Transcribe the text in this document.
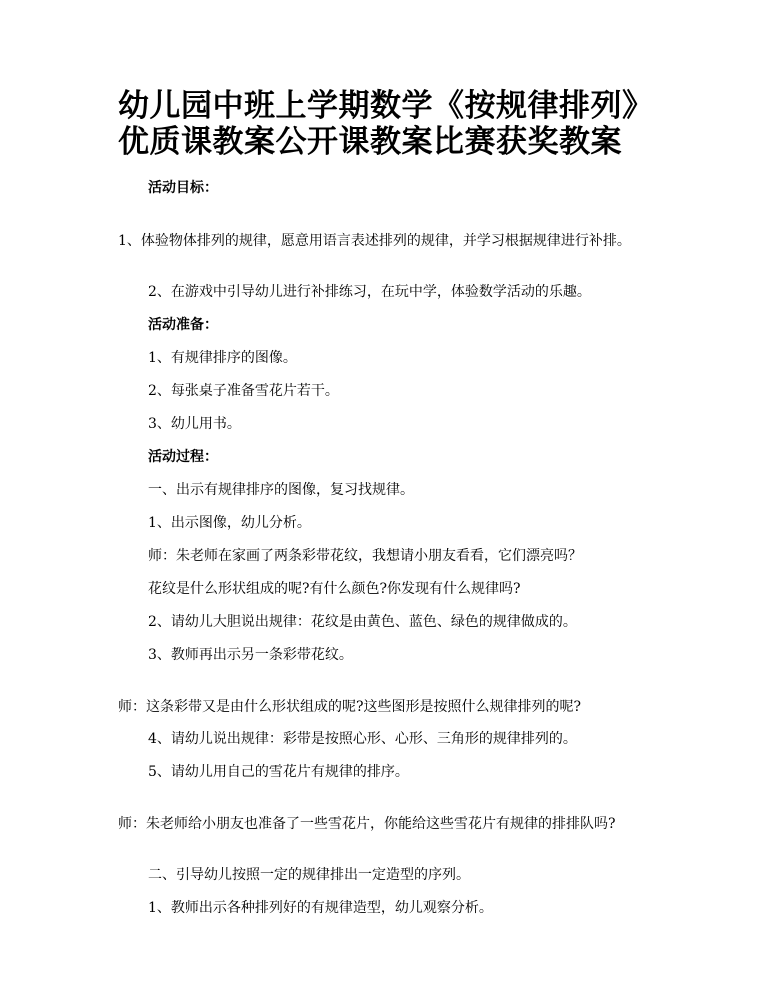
幼儿园中班上学期数学《按规律排列》
优质课教案公开课教案比赛获奖教案

活动目标：

1、体验物体排列的规律，愿意用语言表述排列的规律，并学习根据规律进行补排。

2、在游戏中引导幼儿进行补排练习，在玩中学，体验数学活动的乐趣。

活动准备：

1、有规律排序的图像。

2、每张桌子准备雪花片若干。

3、幼儿用书。

活动过程：

一、出示有规律排序的图像，复习找规律。

1、出示图像，幼儿分析。

师：朱老师在家画了两条彩带花纹，我想请小朋友看看，它们漂亮吗？

花纹是什么形状组成的呢?有什么颜色?你发现有什么规律吗?

2、请幼儿大胆说出规律：花纹是由黄色、蓝色、绿色的规律做成的。

3、教师再出示另一条彩带花纹。

师：这条彩带又是由什么形状组成的呢?这些图形是按照什么规律排列的呢?

4、请幼儿说出规律：彩带是按照心形、心形、三角形的规律排列的。

5、请幼儿用自己的雪花片有规律的排序。

师：朱老师给小朋友也准备了一些雪花片，你能给这些雪花片有规律的排排队吗?

二、引导幼儿按照一定的规律排出一定造型的序列。

1、教师出示各种排列好的有规律造型，幼儿观察分析。
